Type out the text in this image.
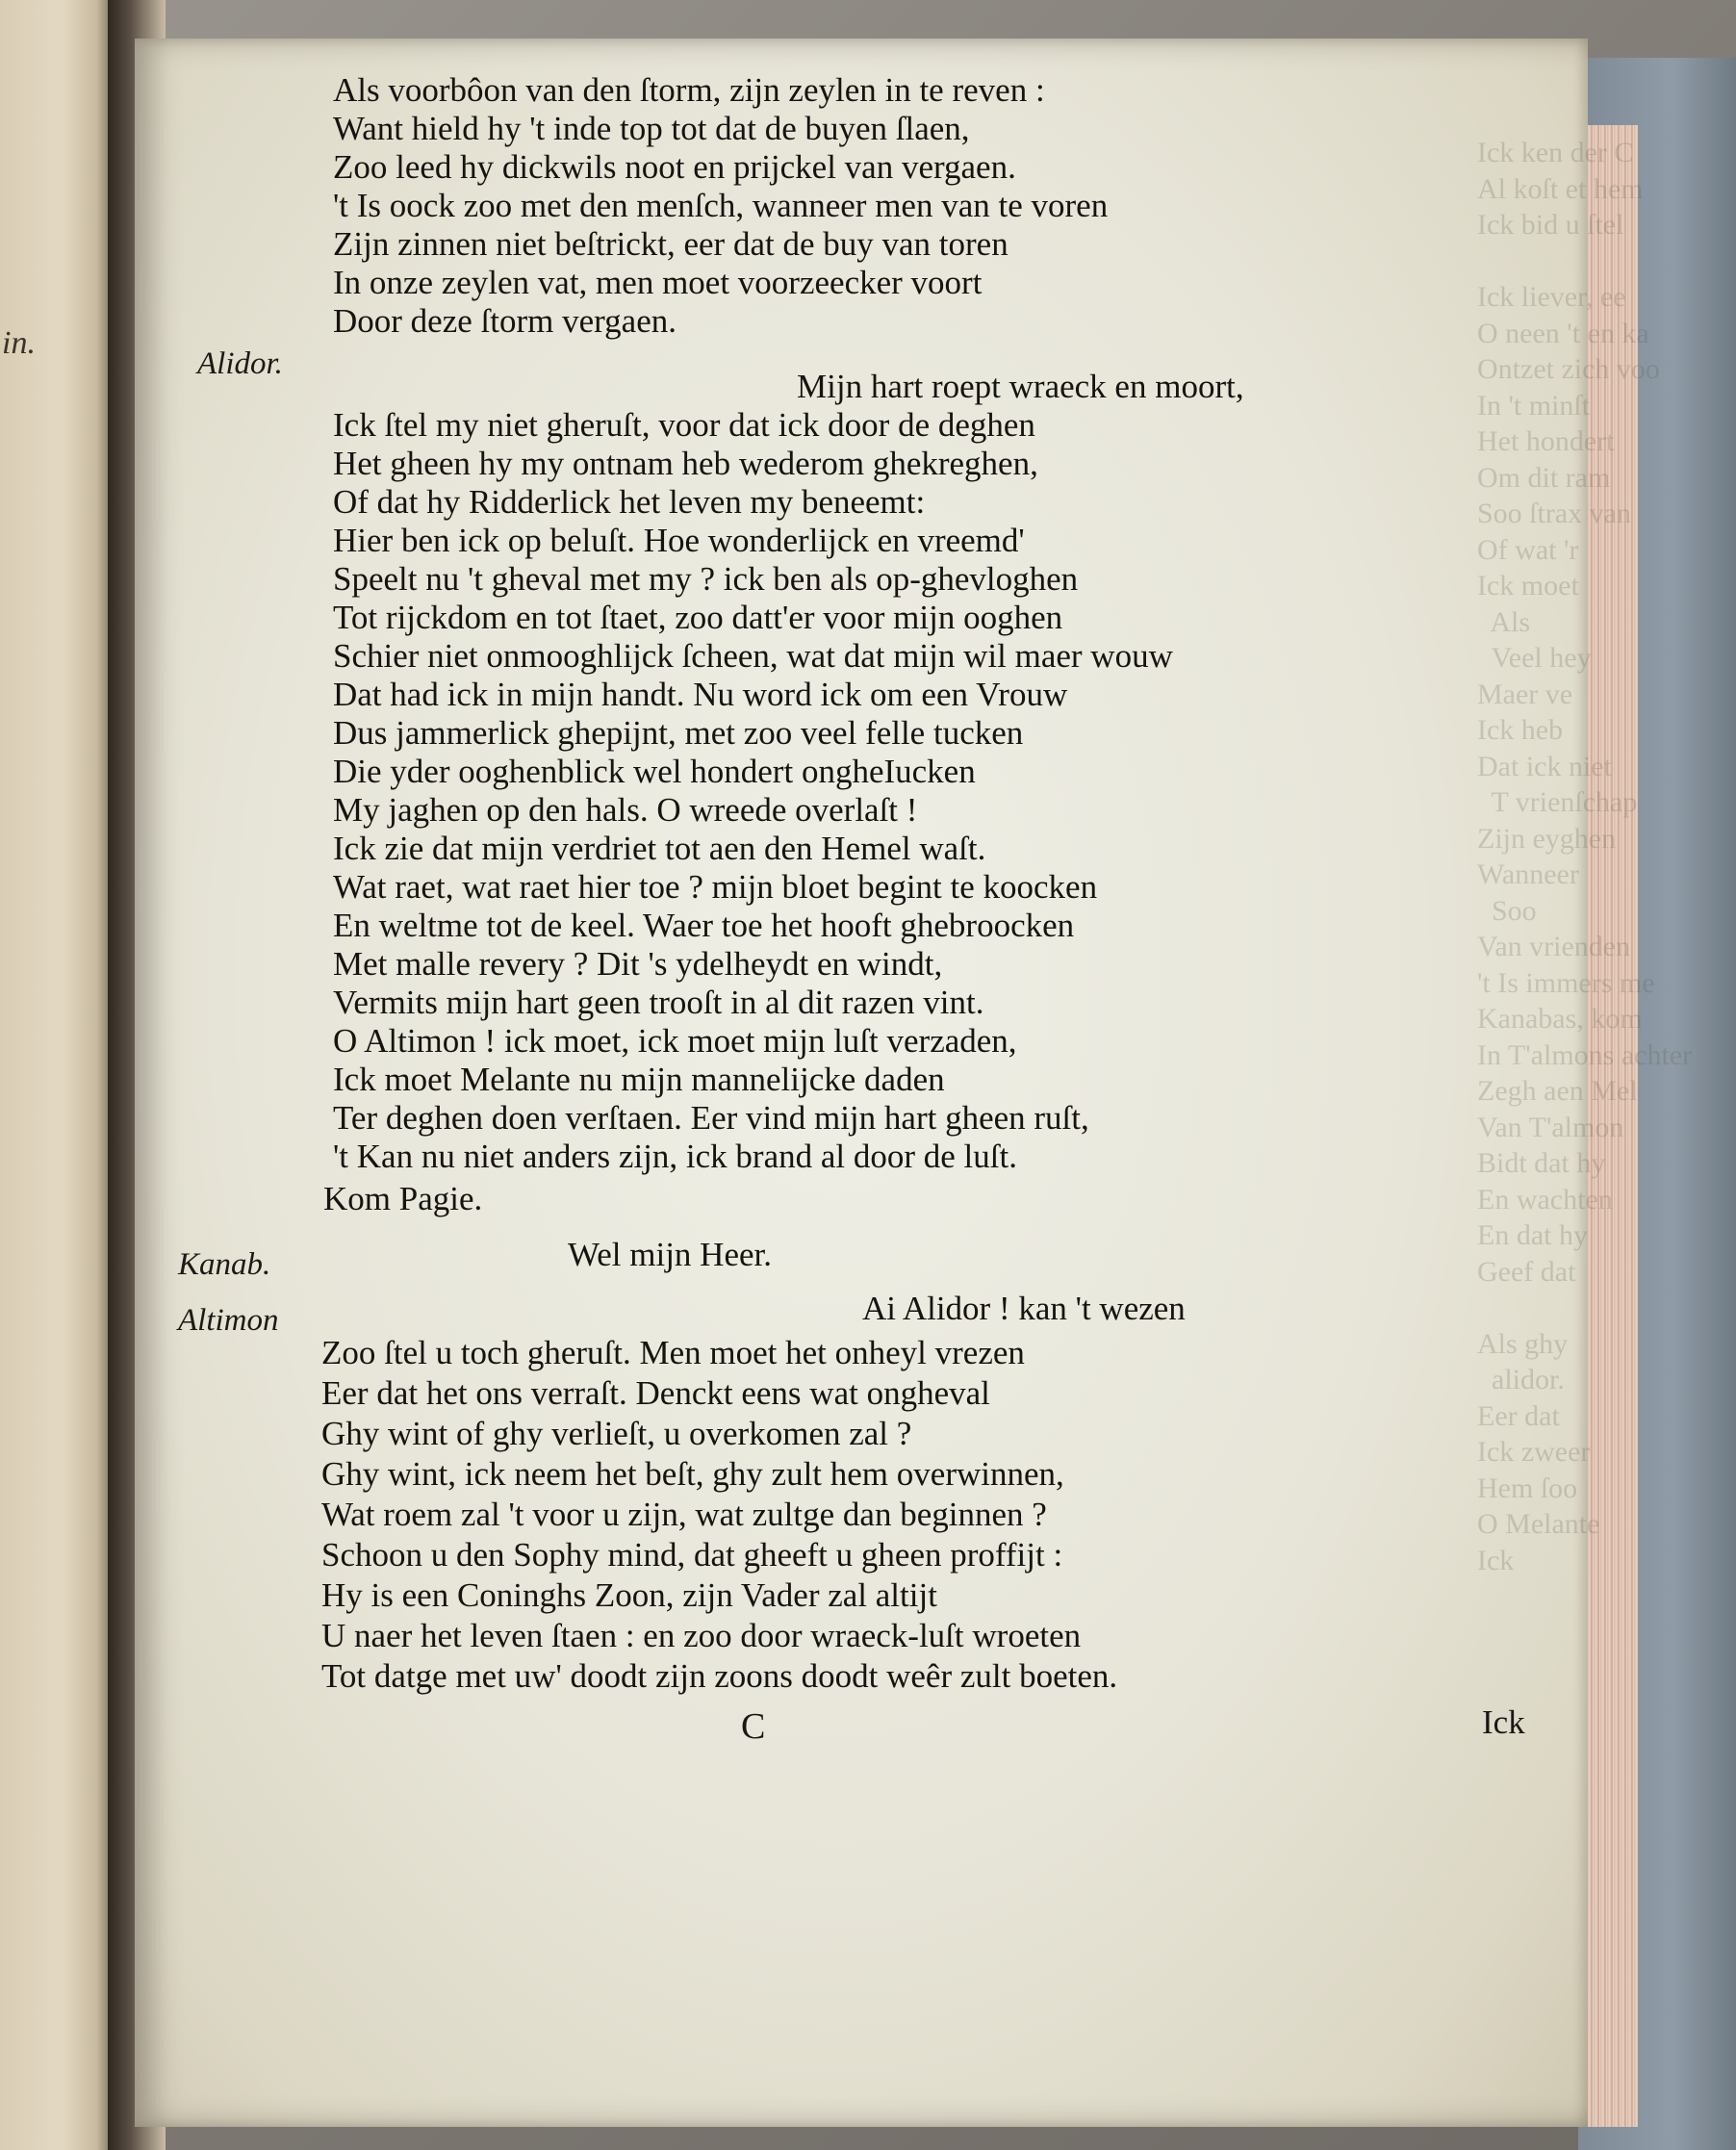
in.
Ick ken der C
Al koſt et hem
Ick bid u ſtel

Ick liever, ee
O neen 't en ka
Ontzet zich voo
In 't minſt
Het hondert
Om dit ram
Soo ſtrax van
Of wat 'r
Ick moet
Als
Veel hey
Maer ve
Ick heb
Dat ick niet
T vrienſchap
Zijn eyghen
Wanneer
Soo
Van vrienden
't Is immers me
Kanabas, kom
In T'almons achter
Zegh aen Mel
Van T'almon
Bidt dat hy
En wachten
En dat hy
Geef dat

Als ghy
alidor.
Eer dat
Ick zweer
Hem ſoo
O Melante
Ick
Als voorbôon van den ſtorm, zijn zeylen in te reven :
Want hield hy 't inde top tot dat de buyen ſlaen,
Zoo leed hy dickwils noot en prijckel van vergaen.
't Is oock zoo met den menſch, wanneer men van te voren
Zijn zinnen niet beſtrickt, eer dat de buy van toren
In onze zeylen vat, men moet voorzeecker voort
Door deze ſtorm vergaen.
Alidor.
Mijn hart roept wraeck en moort,
Ick ſtel my niet gheruſt, voor dat ick door de deghen
Het gheen hy my ontnam heb wederom ghekreghen,
Of dat hy Ridderlick het leven my beneemt:
Hier ben ick op beluſt. Hoe wonderlijck en vreemd'
Speelt nu 't gheval met my ? ick ben als op-ghevloghen
Tot rijckdom en tot ſtaet, zoo datt'er voor mijn ooghen
Schier niet onmooghlijck ſcheen, wat dat mijn wil maer wouw
Dat had ick in mijn handt. Nu word ick om een Vrouw
Dus jammerlick ghepijnt, met zoo veel felle tucken
Die yder ooghenblick wel hondert ongheIucken
My jaghen op den hals. O wreede overlaſt !
Ick zie dat mijn verdriet tot aen den Hemel waſt.
Wat raet, wat raet hier toe ? mijn bloet begint te koocken
En weltme tot de keel. Waer toe het hooft ghebroocken
Met malle revery ? Dit 's ydelheydt en windt,
Vermits mijn hart geen trooſt in al dit razen vint.
O Altimon ! ick moet, ick moet mijn luſt verzaden,
Ick moet Melante nu mijn mannelijcke daden
Ter deghen doen verſtaen. Eer vind mijn hart gheen ruſt,
't Kan nu niet anders zijn, ick brand al door de luſt.
Kom Pagie.
Kanab.	Wel mijn Heer.
Altimon	Ai Alidor ! kan 't wezen
Zoo ſtel u toch gheruſt. Men moet het onheyl vrezen
Eer dat het ons verraſt. Denckt eens wat ongheval
Ghy wint of ghy verlieſt, u overkomen zal ?
Ghy wint, ick neem het beſt, ghy zult hem overwinnen,
Wat roem zal 't voor u zijn, wat zultge dan beginnen ?
Schoon u den Sophy mind, dat gheeft u gheen proffijt :
Hy is een Coninghs Zoon, zijn Vader zal altijt
U naer het leven ſtaen : en zoo door wraeck-luſt wroeten
Tot datge met uw' doodt zijn zoons doodt weêr zult boeten.
C	Ick
